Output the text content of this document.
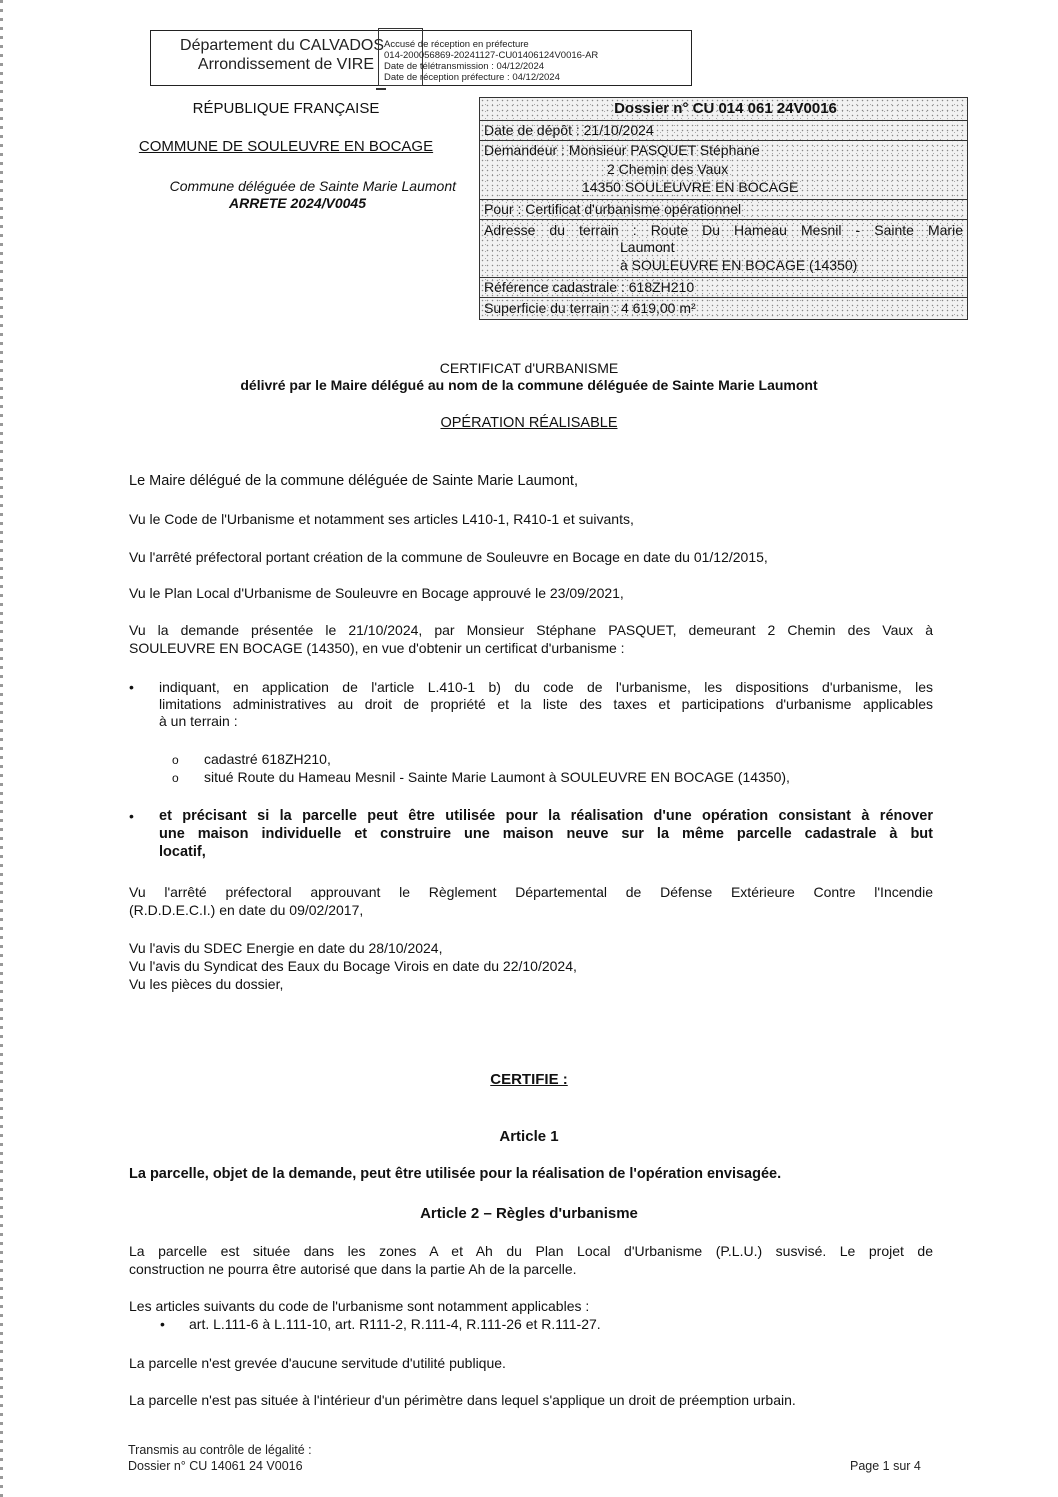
Département du CALVADOS
Arrondissement de VIRE
Accusé de réception en préfecture
014-200056869-20241127-CU01406124V0016-AR
Date de télétransmission : 04/12/2024
Date de réception préfecture : 04/12/2024
RÉPUBLIQUE FRANÇAISE
COMMUNE DE SOULEUVRE EN BOCAGE
Commune déléguée de Sainte Marie Laumont
ARRETE 2024/V0045
Dossier n° CU 014 061 24V0016
Date de dépôt : 21/10/2024
Demandeur : Monsieur PASQUET Stéphane
2 Chemin des Vaux
14350 SOULEUVRE EN BOCAGE
Pour : Certificat d'urbanisme opérationnel
Adresse du terrain : Route Du Hameau Mesnil - Sainte Marie
Laumont
à SOULEUVRE EN BOCAGE (14350)
Référence cadastrale : 618ZH210
Superficie du terrain : 4 619,00 m²
CERTIFICAT d'URBANISME
délivré par le Maire délégué au nom de la commune déléguée de Sainte Marie Laumont
OPÉRATION RÉALISABLE
Le Maire délégué de la commune déléguée de Sainte Marie Laumont,
Vu le Code de l'Urbanisme et notamment ses articles L410-1, R410-1 et suivants,
Vu l'arrêté préfectoral portant création de la commune de Souleuvre en Bocage en date du 01/12/2015,
Vu le Plan Local d'Urbanisme de Souleuvre en Bocage approuvé le 23/09/2021,
Vu la demande présentée le 21/10/2024, par Monsieur Stéphane PASQUET, demeurant 2 Chemin des Vaux à
SOULEUVRE EN BOCAGE (14350), en vue d'obtenir un certificat d'urbanisme :
• indiquant, en application de l'article L.410-1 b) du code de l'urbanisme, les dispositions d'urbanisme, les
limitations administratives au droit de propriété et la liste des taxes et participations d'urbanisme applicables
à un terrain :
o cadastré 618ZH210,
o situé Route du Hameau Mesnil - Sainte Marie Laumont à SOULEUVRE EN BOCAGE (14350),
• et précisant si la parcelle peut être utilisée pour la réalisation d'une opération consistant à rénover
une maison individuelle et construire une maison neuve sur la même parcelle cadastrale à but
locatif,
Vu l'arrêté préfectoral approuvant le Règlement Départemental de Défense Extérieure Contre l'Incendie
(R.D.D.E.C.I.) en date du 09/02/2017,
Vu l'avis du SDEC Energie en date du 28/10/2024,
Vu l'avis du Syndicat des Eaux du Bocage Virois en date du 22/10/2024,
Vu les pièces du dossier,
CERTIFIE :
Article 1
La parcelle, objet de la demande, peut être utilisée pour la réalisation de l'opération envisagée.
Article 2 – Règles d'urbanisme
La parcelle est située dans les zones A et Ah du Plan Local d'Urbanisme (P.L.U.) susvisé. Le projet de
construction ne pourra être autorisé que dans la partie Ah de la parcelle.
Les articles suivants du code de l'urbanisme sont notamment applicables :
• art. L.111-6 à L.111-10, art. R111-2, R.111-4, R.111-26 et R.111-27.
La parcelle n'est grevée d'aucune servitude d'utilité publique.
La parcelle n'est pas située à l'intérieur d'un périmètre dans lequel s'applique un droit de préemption urbain.
Transmis au contrôle de légalité :
Dossier n° CU 14061 24 V0016	Page 1 sur 4
